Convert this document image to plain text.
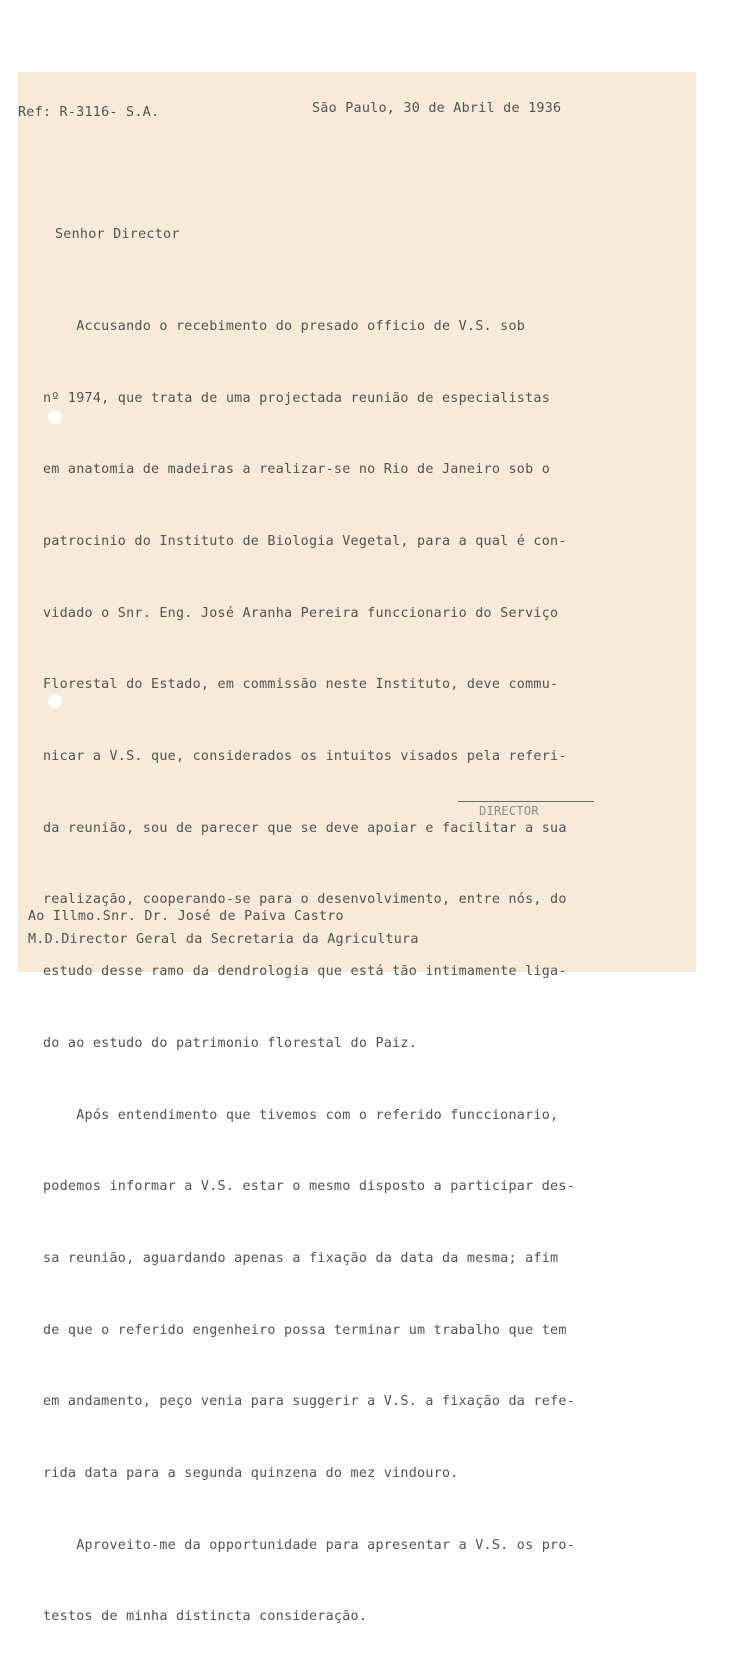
Ref: R-3116- S.A.	São Paulo, 30 de Abril de 1936

Senhor Director

Accusando o recebimento do presado officio de V.S. sob

nº 1974, que trata de uma projectada reunião de especialistas

em anatomia de madeiras a realizar-se no Rio de Janeiro sob o

patrocinio do Instituto de Biologia Vegetal, para a qual é con-

vidado o Snr. Eng. José Aranha Pereira funccionario do Serviço

Florestal do Estado, em commissão neste Instituto, deve commu-

nicar a V.S. que, considerados os intuitos visados pela referi-

da reunião, sou de parecer que se deve apoiar e facilitar a sua

realização, cooperando-se para o desenvolvimento, entre nós, do

estudo desse ramo da dendrologia que está tão intimamente liga-

do ao estudo do patrimonio florestal do Paiz.

Após entendimento que tivemos com o referido funccionario,

podemos informar a V.S. estar o mesmo disposto a participar des-

sa reunião, aguardando apenas a fixação da data da mesma; afim

de que o referido engenheiro possa terminar um trabalho que tem

em andamento, peço venia para suggerir a V.S. a fixação da refe-

rida data para a segunda quinzena do mez vindouro.

Aproveito-me da opportunidade para apresentar a V.S. os pro-

testos de minha distincta consideração.

DIRECTOR

Ao Illmo.Snr. Dr. José de Paiva Castro

M.D.Director Geral da Secretaria da Agricultura
